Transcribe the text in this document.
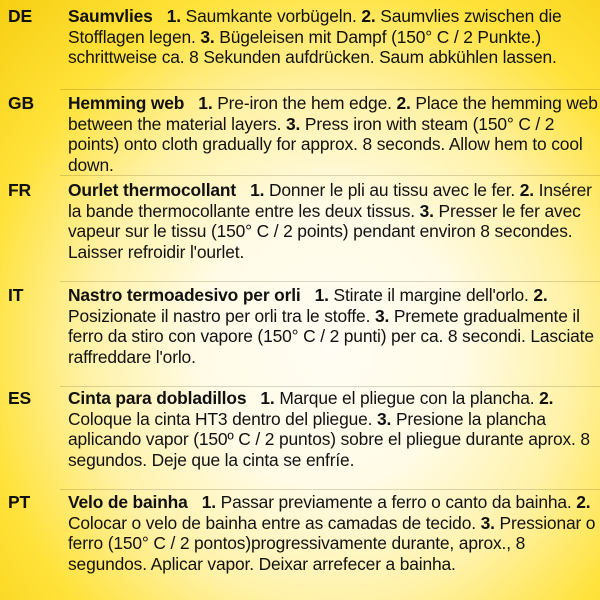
DE Saumvlies 1. Saumkante vorbügeln. 2. Saumvlies zwischen die Stofflagen legen. 3. Bügeleisen mit Dampf (150° C / 2 Punkte.) schrittweise ca. 8 Sekunden aufdrücken. Saum abkühlen lassen.
GB Hemming web 1. Pre-iron the hem edge. 2. Place the hemming web between the material layers. 3. Press iron with steam (150° C / 2 points) onto cloth gradually for approx. 8 seconds. Allow hem to cool down.
FR Ourlet thermocollant 1. Donner le pli au tissu avec le fer. 2. Insérer la bande thermocollante entre les deux tissus. 3. Presser le fer avec vapeur sur le tissu (150° C / 2 points) pendant environ 8 secondes. Laisser refroidir l'ourlet.
IT	Nastro termoadesivo per orli 1. Stirate il margine dell'orlo. 2. Posizionate il nastro per orli tra le stoffe. 3. Premete gradualmente il ferro da stiro con vapore (150° C / 2 punti) per ca. 8 secondi. Lasciate raffreddare l'orlo.
ES Cinta para dobladillos 1. Marque el pliegue con la plancha. 2. Coloque la cinta HT3 dentro del pliegue. 3. Presione la plancha aplicando vapor (150º C / 2 puntos) sobre el pliegue durante aprox. 8 segundos. Deje que la cinta se enfríe.
PT Velo de bainha 1. Passar previamente a ferro o canto da bainha. 2. Colocar o velo de bainha entre as camadas de tecido. 3. Pressionar o ferro (150° C / 2 pontos)progressivamente durante, aprox., 8 segundos. Aplicar vapor. Deixar arrefecer a bainha.
